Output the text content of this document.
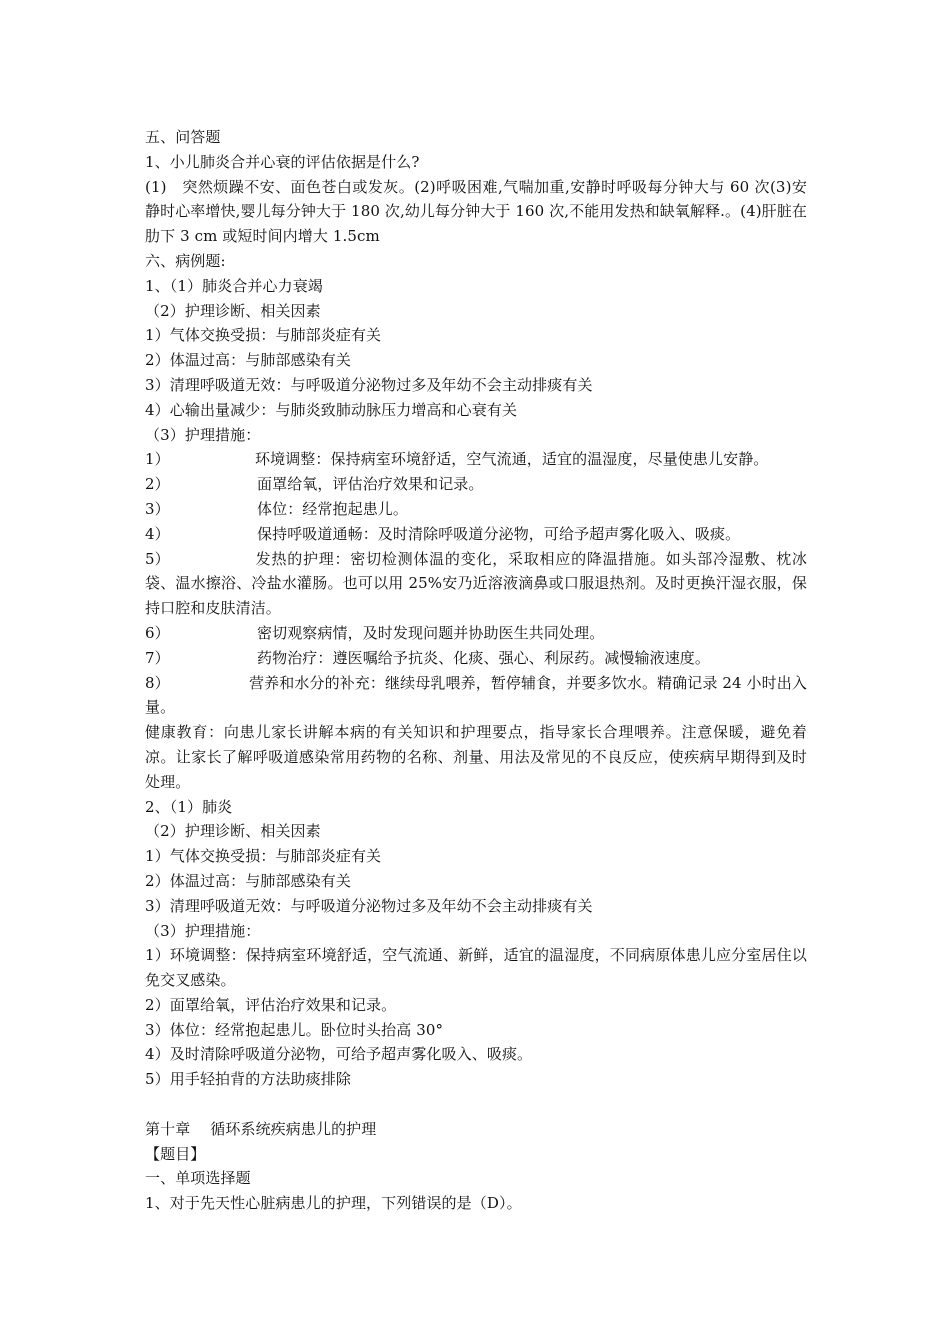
五、问答题

1、小儿肺炎合并心衰的评估依据是什么?

(1)　突然烦躁不安、面色苍白或发灰。(2)呼吸困难,气喘加重,安静时呼吸每分钟大与 60 次(3)安静时心率增快,婴儿每分钟大于 180 次,幼儿每分钟大于 160 次,不能用发热和缺氧解释.。(4)肝脏在肋下 3 cm 或短时间内增大 1.5cm

六、病例题:

1、（1）肺炎合并心力衰竭

（2）护理诊断、相关因素

1）气体交换受损：与肺部炎症有关

2）体温过高：与肺部感染有关

3）清理呼吸道无效：与呼吸道分泌物过多及年幼不会主动排痰有关

4）心输出量减少：与肺炎致肺动脉压力增高和心衰有关

（3）护理措施：

1）	环境调整：保持病室环境舒适，空气流通，适宜的温湿度，尽量使患儿安静。

2）	面罩给氧，评估治疗效果和记录。

3）	体位：经常抱起患儿。

4）	保持呼吸道通畅：及时清除呼吸道分泌物，可给予超声雾化吸入、吸痰。

5）	发热的护理：密切检测体温的变化，采取相应的降温措施。如头部冷湿敷、枕冰袋、温水擦浴、冷盐水灌肠。也可以用 25%安乃近溶液滴鼻或口服退热剂。及时更换汗湿衣服，保持口腔和皮肤清洁。

6）	密切观察病情，及时发现问题并协助医生共同处理。

7）	药物治疗：遵医嘱给予抗炎、化痰、强心、利尿药。减慢输液速度。

8）	营养和水分的补充：继续母乳喂养，暂停辅食，并要多饮水。精确记录 24 小时出入量。

健康教育：向患儿家长讲解本病的有关知识和护理要点，指导家长合理喂养。注意保暖，避免着凉。让家长了解呼吸道感染常用药物的名称、剂量、用法及常见的不良反应，使疾病早期得到及时处理。

2、（1）肺炎

（2）护理诊断、相关因素

1）气体交换受损：与肺部炎症有关

2）体温过高：与肺部感染有关

3）清理呼吸道无效：与呼吸道分泌物过多及年幼不会主动排痰有关

（3）护理措施：

1）环境调整：保持病室环境舒适，空气流通、新鲜，适宜的温湿度，不同病原体患儿应分室居住以免交叉感染。

2）面罩给氧，评估治疗效果和记录。

3）体位：经常抱起患儿。卧位时头抬高 30°

4）及时清除呼吸道分泌物，可给予超声雾化吸入、吸痰。

5）用手轻拍背的方法助痰排除

第十章　 循环系统疾病患儿的护理

【题目】

一、单项选择题

1、对于先天性心脏病患儿的护理，下列错误的是（D）。
